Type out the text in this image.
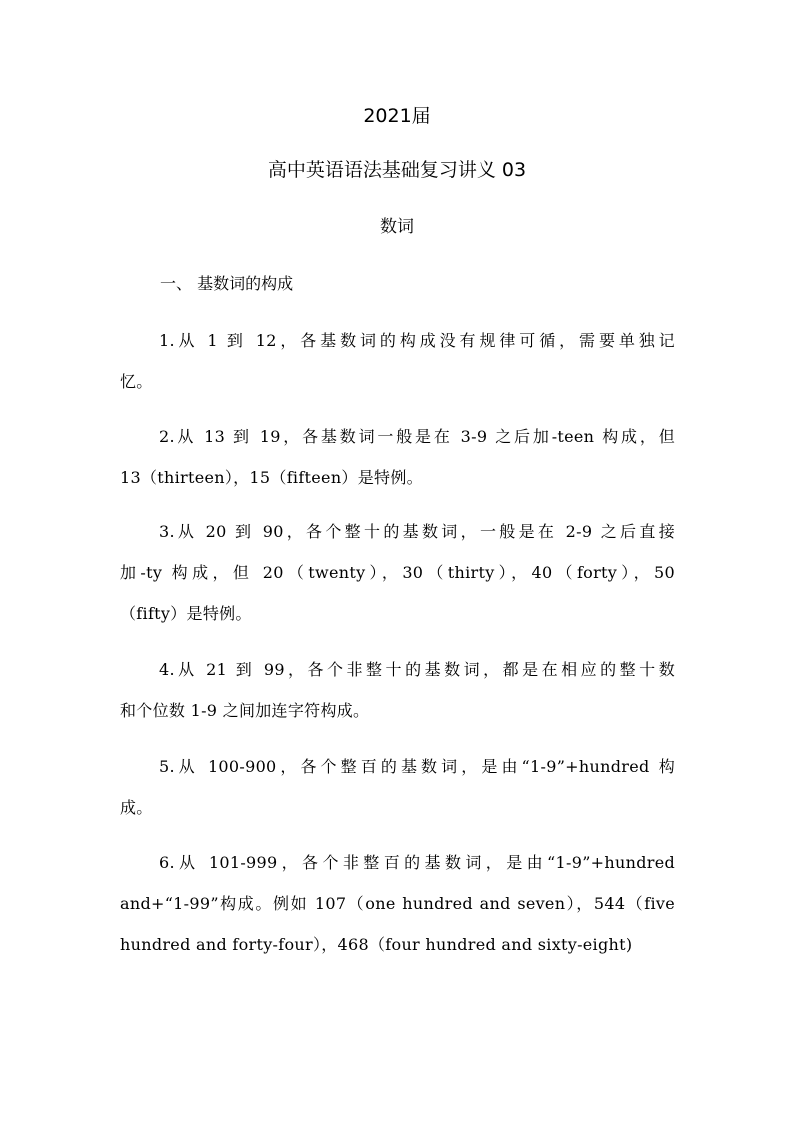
2021届
高中英语语法基础复习讲义 03
数词
一、 基数词的构成
1.从 1 到 12，各基数词的构成没有规律可循，需要单独记
忆。
2.从 13 到 19，各基数词一般是在 3-9 之后加-teen 构成，但
13（thirteen），15（fifteen）是特例。
3.从 20 到 90，各个整十的基数词，一般是在 2-9 之后直接
加-ty 构成，但 20（twenty），30（thirty），40（forty），50
（fifty）是特例。
4.从 21 到 99，各个非整十的基数词，都是在相应的整十数
和个位数 1-9 之间加连字符构成。
5.从 100-900，各个整百的基数词，是由“1-9”+hundred 构
成。
6.从 101-999，各个非整百的基数词，是由“1-9”+hundred
and+“1-99”构成。例如 107（one hundred and seven），544（five
hundred and forty-four），468（four hundred and sixty-eight)
